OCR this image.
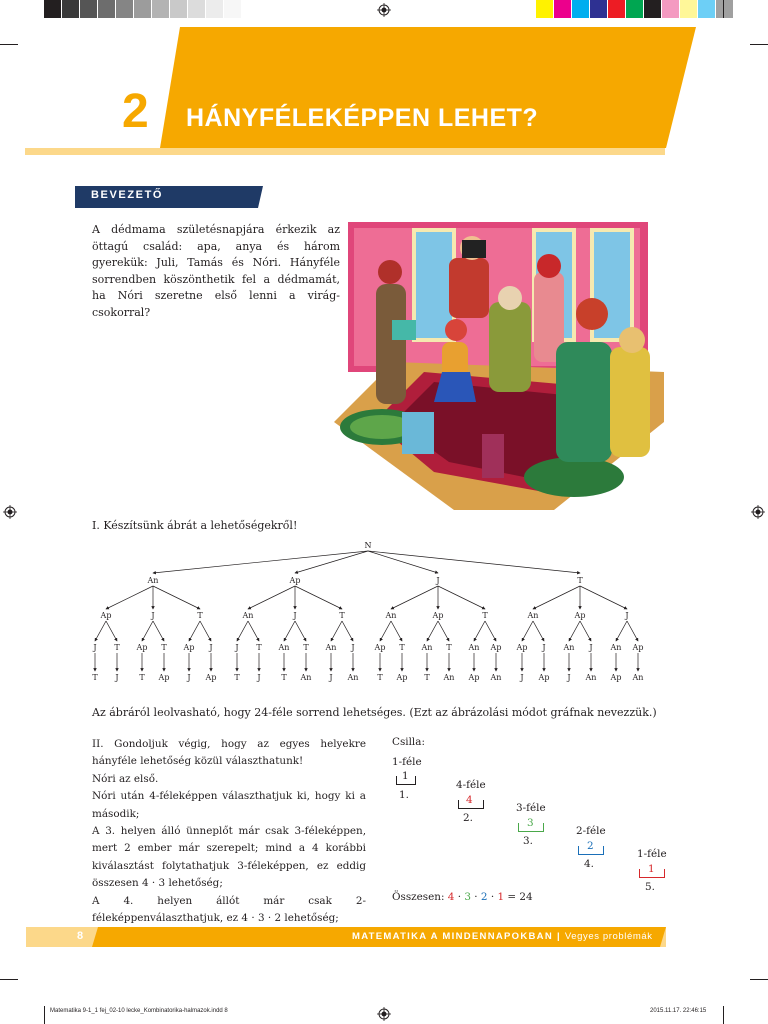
2 HÁNYFÉLEKÉPPEN LEHET?
BEVEZETŐ
A dédmama születésnapjára érkezik az öttagú család: apa, anya és három gyerekük: Juli, Tamás és Nóri. Hányféle sorrendben köszönthetik fel a dédmamát, ha Nóri szeretne első lenni a virágcsokorral?
I. Készítsünk ábrát a lehetőségekről!
N
An
Ap
J
T
T
J
J
Ap
T
T
Ap
T
Ap
J
J
Ap
Ap
An
J
T
T
J
J
An
T
T
An
T
An
J
J
An
J
An
Ap
T
T
Ap
Ap
An
T
T
An
T
An
Ap
Ap
An
T
An
Ap
J
J
Ap
Ap
An
J
J
An
J
An
Ap
Ap
An
Az ábráról leolvasható, hogy 24-féle sorrend lehetséges. (Ezt az ábrázolási módot gráfnak nevezzük.)

II. Gondoljuk végig, hogy az egyes helyekre hányféle lehetőség közül választhatunk!

Nóri az első.

Nóri után 4-féleképpen választhatjuk ki, hogy ki a második;

A 3. helyen álló ünneplőt már csak 3-féleképpen, mert 2 ember már szerepelt; mind a 4 korábbi kiválasztást folytathatjuk 3-féleképpen, ez eddig összesen 4 · 3 lehetőség;

A 4. helyen állót már csak 2-féleképpenválaszthatjuk, ez 4 · 3 · 2 lehetőség;

Csilla:
1-féle
1
1.
4-féle
4
2.
3-féle
3
3.
2-féle
2
4.
1-féle
1
5.
Összesen: 4 · 3 · 2 · 1 = 24
8	MATEMATIKA A MINDENNAPOKBAN | Vegyes problémák
Matematika 9-1_1 fej_02-10 lecke_Kombinatorika-halmazok.indd 8	2015.11.17. 22:46:15
